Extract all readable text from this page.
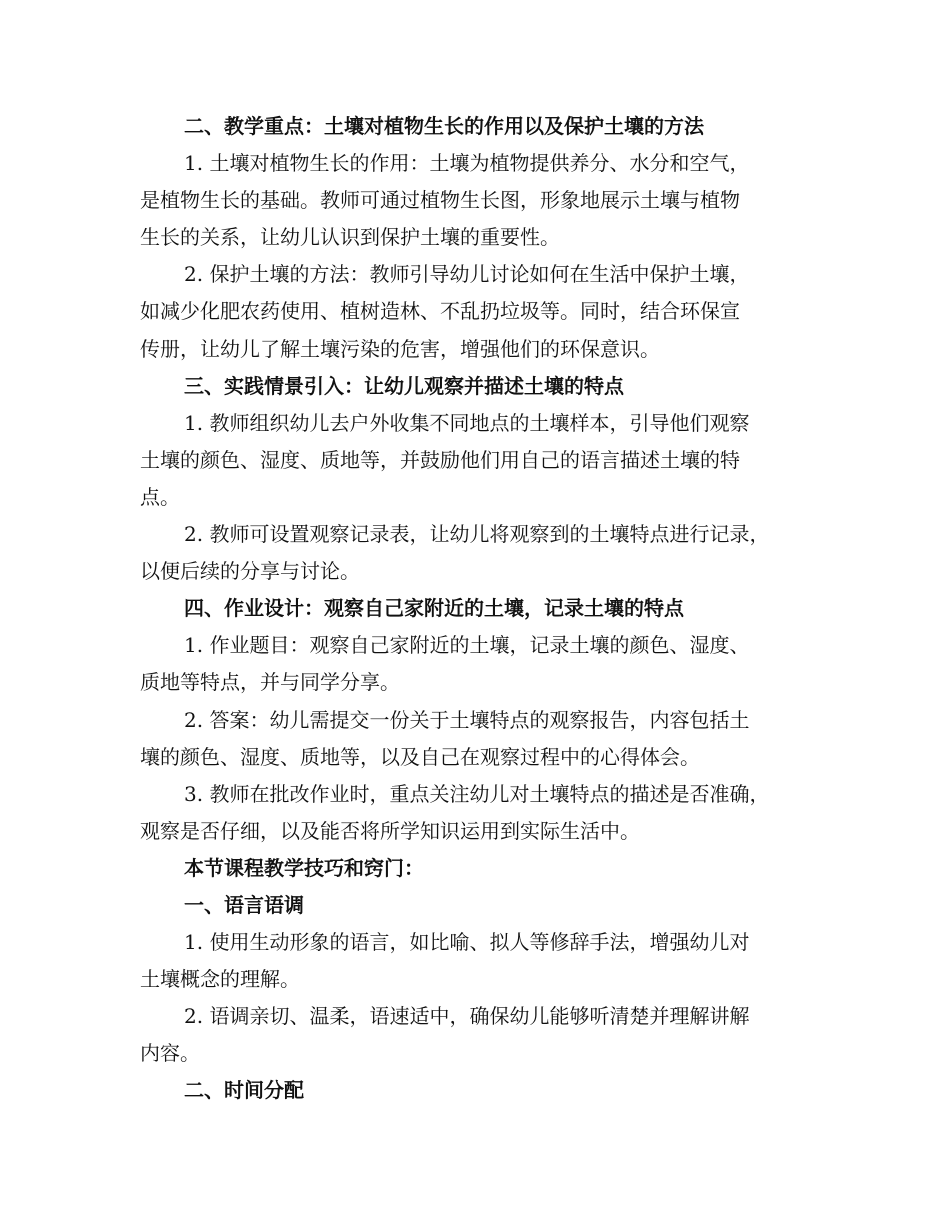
二、教学重点：土壤对植物生长的作用以及保护土壤的方法
1. 土壤对植物生长的作用：土壤为植物提供养分、水分和空气，
是植物生长的基础。教师可通过植物生长图，形象地展示土壤与植物
生长的关系，让幼儿认识到保护土壤的重要性。
2. 保护土壤的方法：教师引导幼儿讨论如何在生活中保护土壤，
如减少化肥农药使用、植树造林、不乱扔垃圾等。同时，结合环保宣
传册，让幼儿了解土壤污染的危害，增强他们的环保意识。
三、实践情景引入：让幼儿观察并描述土壤的特点
1. 教师组织幼儿去户外收集不同地点的土壤样本，引导他们观察
土壤的颜色、湿度、质地等，并鼓励他们用自己的语言描述土壤的特
点。
2. 教师可设置观察记录表，让幼儿将观察到的土壤特点进行记录，
以便后续的分享与讨论。
四、作业设计：观察自己家附近的土壤，记录土壤的特点
1. 作业题目：观察自己家附近的土壤，记录土壤的颜色、湿度、
质地等特点，并与同学分享。
2. 答案：幼儿需提交一份关于土壤特点的观察报告，内容包括土
壤的颜色、湿度、质地等，以及自己在观察过程中的心得体会。
3. 教师在批改作业时，重点关注幼儿对土壤特点的描述是否准确，
观察是否仔细，以及能否将所学知识运用到实际生活中。
本节课程教学技巧和窍门：
一、语言语调
1. 使用生动形象的语言，如比喻、拟人等修辞手法，增强幼儿对
土壤概念的理解。
2. 语调亲切、温柔，语速适中，确保幼儿能够听清楚并理解讲解
内容。
二、时间分配
